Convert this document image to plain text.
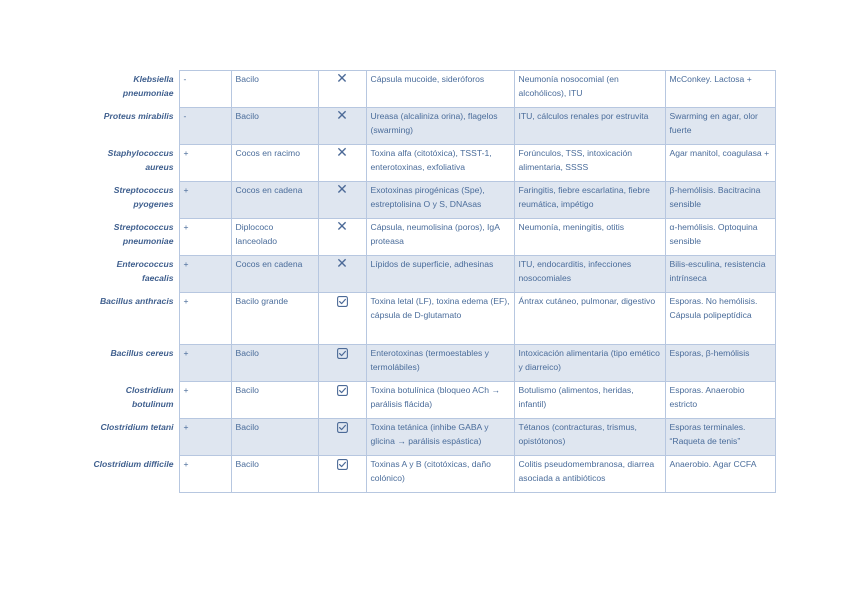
Klebsiella
pneumoniae	-	Bacilo	✕	Cápsula mucoide, sideróforos	Neumonía nosocomial (en alcohólicos), ITU	McConkey. Lactosa +
Proteus mirabilis	-	Bacilo	✕	Ureasa (alcaliniza orina), flagelos (swarming)	ITU, cálculos renales por estruvita	Swarming en agar, olor fuerte
Staphylococcus
aureus	+	Cocos en racimo	✕	Toxina alfa (citotóxica), TSST-1, enterotoxinas, exfoliativa	Forúnculos, TSS, intoxicación alimentaria, SSSS	Agar manitol, coagulasa +
Streptococcus
pyogenes	+	Cocos en cadena	✕	Exotoxinas pirogénicas (Spe), estreptolisina O y S, DNAsas	Faringitis, fiebre escarlatina, fiebre reumática, impétigo	β-hemólisis. Bacitracina sensible
Streptococcus
pneumoniae	+	Diplococo lanceolado	✕	Cápsula, neumolisina (poros), IgA proteasa	Neumonía, meningitis, otitis	α-hemólisis. Optoquina sensible
Enterococcus
faecalis	+	Cocos en cadena	✕	Lípidos de superficie, adhesinas	ITU, endocarditis, infecciones nosocomiales	Bilis-esculina, resistencia intrínseca
Bacillus anthracis	+	Bacilo grande		Toxina letal (LF), toxina edema (EF), cápsula de D-glutamato	Ántrax cutáneo, pulmonar, digestivo	Esporas. No hemólisis. Cápsula polipeptídica
Bacillus cereus	+	Bacilo		Enterotoxinas (termoestables y termolábiles)	Intoxicación alimentaria (tipo emético y diarreico)	Esporas, β-hemólisis
Clostridium
botulinum	+	Bacilo		Toxina botulínica (bloqueo ACh → parálisis flácida)	Botulismo (alimentos, heridas, infantil)	Esporas. Anaerobio estricto
Clostridium tetani	+	Bacilo		Toxina tetánica (inhibe GABA y glicina → parálisis espástica)	Tétanos (contracturas, trismus, opistótonos)	Esporas terminales. “Raqueta de tenis”
Clostridium difficile	+	Bacilo		Toxinas A y B (citotóxicas, daño colónico)	Colitis pseudomembranosa, diarrea asociada a antibióticos	Anaerobio. Agar CCFA
